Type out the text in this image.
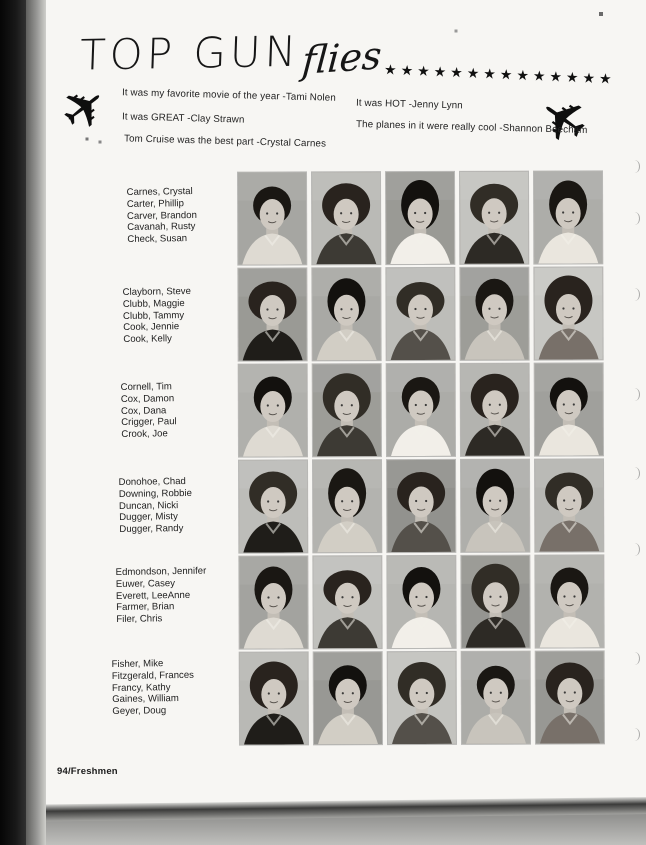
TOP GUNflies ★★★★★★★★★★★★★★
✈	✈
It was my favorite movie of the year -Tami Nolen
It was GREAT -Clay Strawn
Tom Cruise was the best part -Crystal Carnes
It was HOT -Jenny Lynn
The planes in it were really cool -Shannon Beecham
Carnes, Crystal
Carter, Phillip
Carver, Brandon
Cavanah, Rusty
Check, Susan
Clayborn, Steve
Clubb, Maggie
Clubb, Tammy
Cook, Jennie
Cook, Kelly
Cornell, Tim
Cox, Damon
Cox, Dana
Crigger, Paul
Crook, Joe
Donohoe, Chad
Downing, Robbie
Duncan, Nicki
Dugger, Misty
Dugger, Randy
Edmondson, Jennifer
Euwer, Casey
Everett, LeeAnne
Farmer, Brian
Filer, Chris
Fisher, Mike
Fitzgerald, Frances
Francy, Kathy
Gaines, William
Geyer, Doug
94/Freshmen
